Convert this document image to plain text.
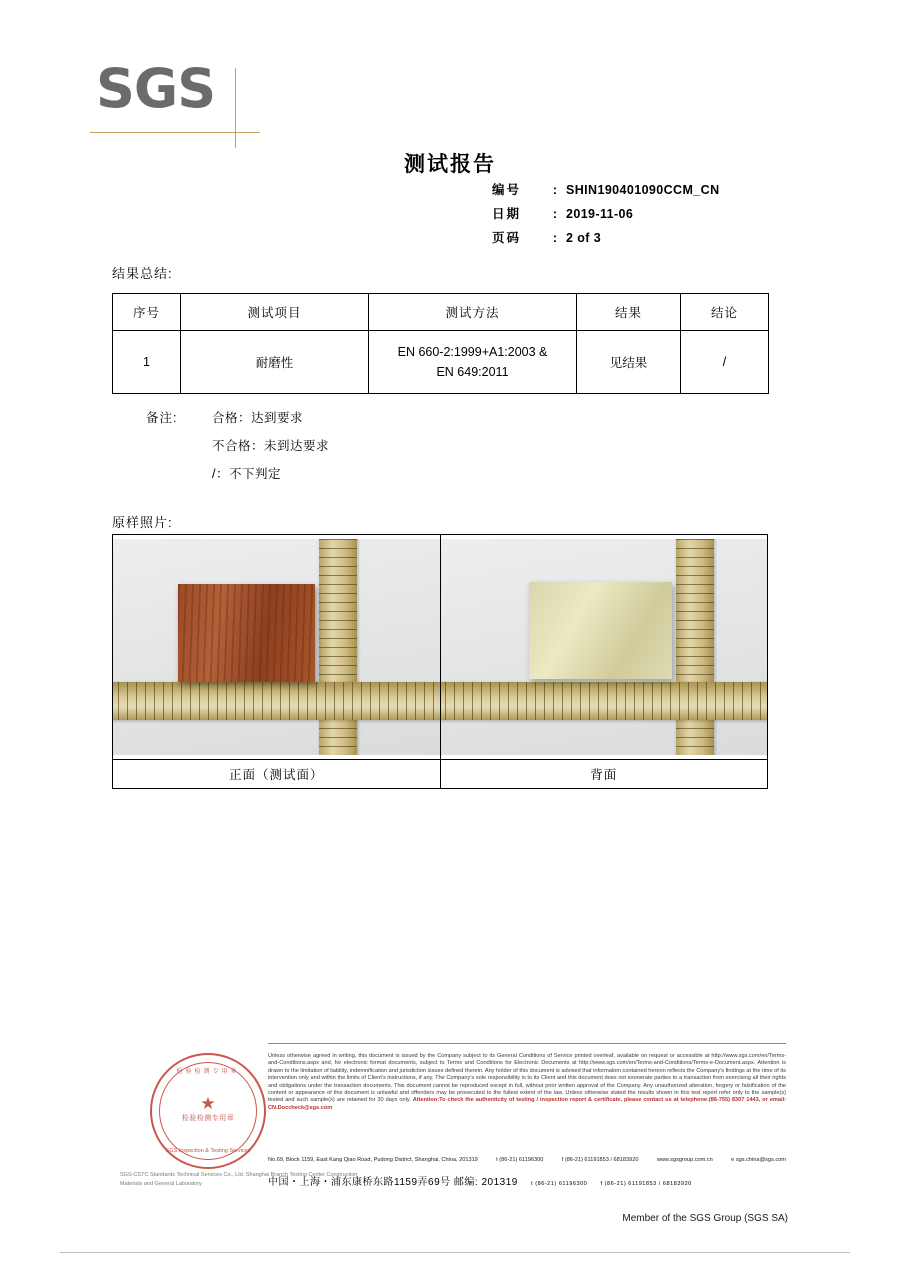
SGS
测试报告
编号	: SHIN190401090CCM_CN
日期	: 2019-11-06
页码	: 2 of 3
结果总结:
序号	测试项目	测试方法	结果	结论
1	耐磨性	EN 660-2:1999+A1:2003 &
EN 649:2011	见结果	/
备注:	合格：达到要求
不合格：未到达要求
/：不下判定
原样照片:

正面（测试面）	背面
检验检测专用章
★
检验检测专用章
SGS Inspection & Testing Services
SGS-CSTC Standards Technical Services Co., Ltd. Shanghai Branch Testing Center Construction Materials and General Laboratory
Unless otherwise agreed in writing, this document is issued by the Company subject to its General Conditions of Service printed overleaf, available on request or accessible at http://www.sgs.com/en/Terms-and-Conditions.aspx and, for electronic format documents, subject to Terms and Conditions for Electronic Documents at http://www.sgs.com/en/Terms-and-Conditions/Terms-e-Document.aspx. Attention is drawn to the limitation of liability, indemnification and jurisdiction issues defined therein. Any holder of this document is advised that information contained hereon reflects the Company's findings at the time of its intervention only and within the limits of Client's instructions, if any. The Company's sole responsibility is to its Client and this document does not exonerate parties to a transaction from exercising all their rights and obligations under the transaction documents. This document cannot be reproduced except in full, without prior written approval of the Company. Any unauthorized alteration, forgery or falsification of the content or appearance of this document is unlawful and offenders may be prosecuted to the fullest extent of the law. Unless otherwise stated the results shown in this test report refer only to the sample(s) tested and such sample(s) are retained for 30 days only. Attention:To check the authenticity of testing / inspection report & certificate, please contact us at telephone:(86-755) 8307 1443, or email: CN.Doccheck@sgs.com
No.69, Block 1159, East Kang Qiao Road, Pudong District, Shanghai, China, 201319	t (86-21) 61196300	f (86-21) 61191853 / 68183920	www.sgsgroup.com.cn	e sgs.china@sgs.com
中国・上海・浦东康桥东路1159弄69号 邮编: 201319 t (86-21) 61196300 f (86-21) 61191853 / 68183920
Member of the SGS Group (SGS SA)
